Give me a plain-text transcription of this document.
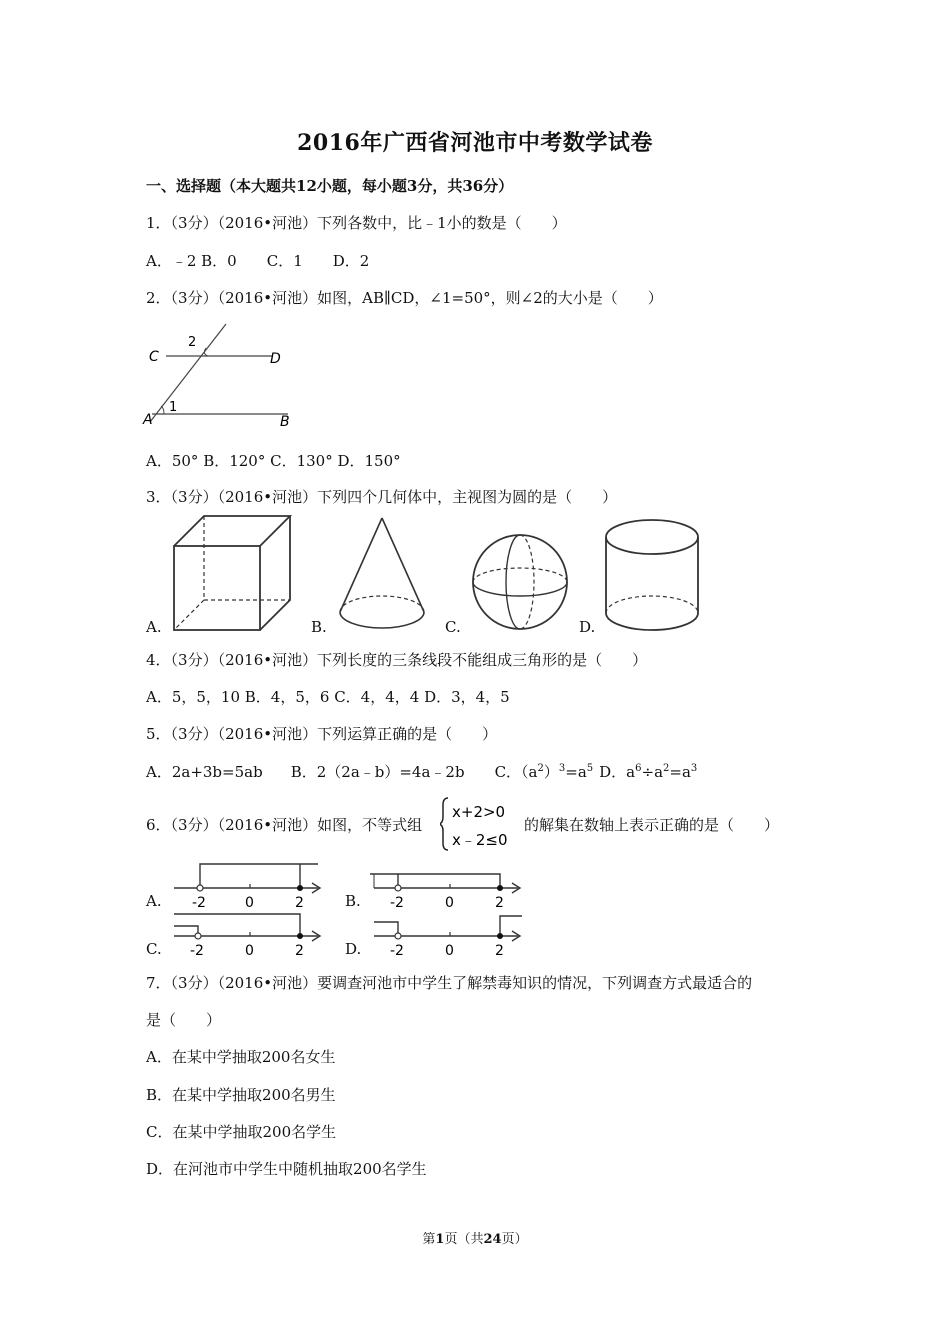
2016年广西省河池市中考数学试卷
一、选择题（本大题共12小题，每小题3分，共36分）
1．（3分）（2016•河池）下列各数中，比﹣1小的数是（　　）
A．﹣2 B．0　　C．1　　D．2
2．（3分）（2016•河池）如图，AB∥CD，∠1=50°，则∠2的大小是（　　）
C	D
A	B
1
2
A．50° B．120° C．130° D．150°
3．（3分）（2016•河池）下列四个几何体中，主视图为圆的是（　　）
A.	B.	C.	D.
4．（3分）（2016•河池）下列长度的三条线段不能组成三角形的是（　　）
A．5，5，10 B．4，5，6 C．4，4，4 D．3，4，5
5．（3分）（2016•河池）下列运算正确的是（　　）
A．2a+3b=5ab B．2（2a﹣b）=4a﹣2b C．$(a^2)^3=a^5$ D．$a^6\div a^2=a^3$
6．（3分）（2016•河池）如图，不等式组
x+2>0
x﹣2≤0
的解集在数轴上表示正确的是（　　）
A.	B.
C.	D.
-2	0	2	-2	0	2
-2	0	2	-2	0	2
7．（3分）（2016•河池）要调查河池市中学生了解禁毒知识的情况，下列调查方式最适合的
是（　　）
A．在某中学抽取200名女生
B．在某中学抽取200名男生
C．在某中学抽取200名学生
D．在河池市中学生中随机抽取200名学生
第1页（共24页）
